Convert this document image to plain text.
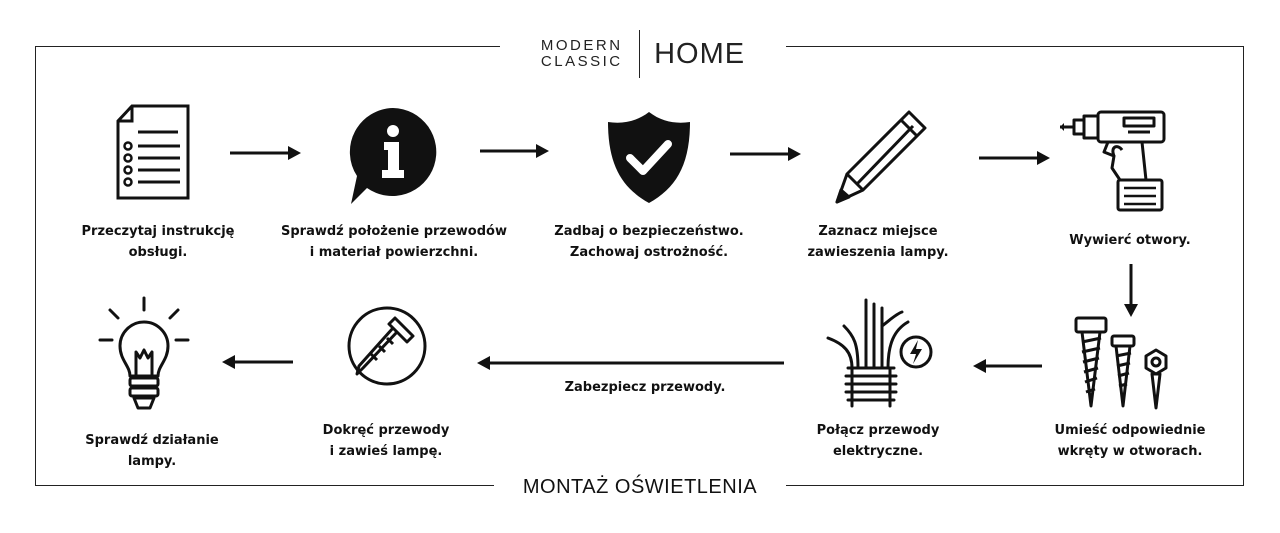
MODERN
CLASSIC HOME
MONTAŻ OŚWIETLENIA
Przeczytaj instrukcję
obsługi.
Sprawdź położenie przewodów
i materiał powierzchni.
Zadbaj o bezpieczeństwo.
Zachowaj ostrożność.
Zaznacz miejsce
zawieszenia lampy.
Wywierć otwory.
Umieść odpowiednie
wkręty w otworach.
Połącz przewody
elektryczne.
Dokręć przewody
i zawieś lampę.
Sprawdź działanie
lampy.
Zabezpiecz przewody.
